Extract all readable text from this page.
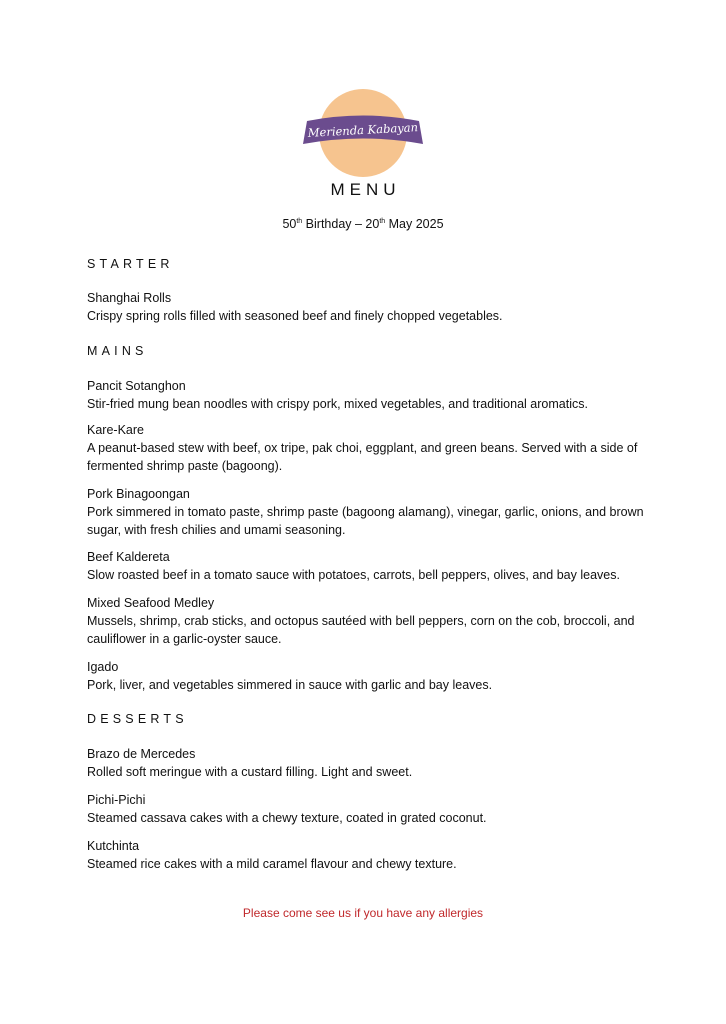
Merienda Kabayan
MENU
50th Birthday – 20th May 2025
STARTER
Shanghai Rolls
Crispy spring rolls filled with seasoned beef and finely chopped vegetables.
MAINS
Pancit Sotanghon
Stir-fried mung bean noodles with crispy pork, mixed vegetables, and traditional aromatics.
Kare-Kare
A peanut-based stew with beef, ox tripe, pak choi, eggplant, and green beans. Served with a side of fermented shrimp paste (bagoong).
Pork Binagoongan
Pork simmered in tomato paste, shrimp paste (bagoong alamang), vinegar, garlic, onions, and brown sugar, with fresh chilies and umami seasoning.
Beef Kaldereta
Slow roasted beef in a tomato sauce with potatoes, carrots, bell peppers, olives, and bay leaves.
Mixed Seafood Medley
Mussels, shrimp, crab sticks, and octopus sautéed with bell peppers, corn on the cob, broccoli, and cauliflower in a garlic-oyster sauce.
Igado
Pork, liver, and vegetables simmered in sauce with garlic and bay leaves.
DESSERTS
Brazo de Mercedes
Rolled soft meringue with a custard filling. Light and sweet.
Pichi-Pichi
Steamed cassava cakes with a chewy texture, coated in grated coconut.
Kutchinta
Steamed rice cakes with a mild caramel flavour and chewy texture.
Please come see us if you have any allergies
